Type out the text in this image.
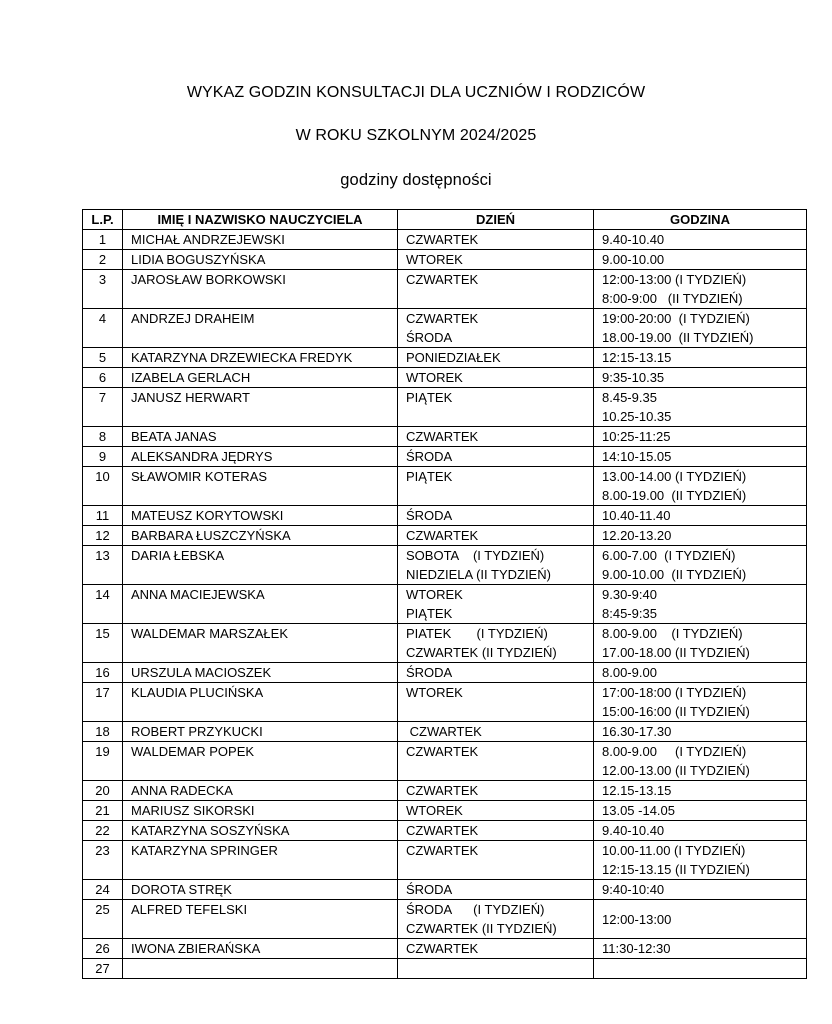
WYKAZ GODZIN KONSULTACJI DLA UCZNIÓW I RODZICÓW
W ROKU SZKOLNYM 2024/2025
godziny dostępności
L.P.	IMIĘ I NAZWISKO NAUCZYCIELA	DZIEŃ	GODZINA
1	MICHAŁ ANDRZEJEWSKI	CZWARTEK	9.40-10.40

2	LIDIA BOGUSZYŃSKA	WTOREK	9.00-10.00

3	JAROSŁAW BORKOWSKI	CZWARTEK	12:00-13:00 (I TYDZIEŃ)
8:00-9:00   (II TYDZIEŃ)

4	ANDRZEJ DRAHEIM	CZWARTEK
ŚRODA	19:00-20:00  (I TYDZIEŃ)
18.00-19.00  (II TYDZIEŃ)

5	KATARZYNA DRZEWIECKA FREDYK	PONIEDZIAŁEK	12:15-13.15

6	IZABELA GERLACH	WTOREK	9:35-10.35

7	JANUSZ HERWART	PIĄTEK	8.45-9.35
10.25-10.35

8	BEATA JANAS	CZWARTEK	10:25-11:25

9	ALEKSANDRA JĘDRYS	ŚRODA	14:10-15.05

10	SŁAWOMIR KOTERAS	PIĄTEK	13.00-14.00 (I TYDZIEŃ)
8.00-19.00  (II TYDZIEŃ)

11	MATEUSZ KORYTOWSKI	ŚRODA	10.40-11.40

12	BARBARA ŁUSZCZYŃSKA	CZWARTEK	12.20-13.20

13	DARIA ŁEBSKA	SOBOTA    (I TYDZIEŃ)
NIEDZIELA (II TYDZIEŃ)	6.00-7.00  (I TYDZIEŃ)
9.00-10.00  (II TYDZIEŃ)

14	ANNA MACIEJEWSKA	WTOREK
PIĄTEK	9.30-9:40
8:45-9:35

15	WALDEMAR MARSZAŁEK	PIATEK       (I TYDZIEŃ)
CZWARTEK (II TYDZIEŃ)	8.00-9.00    (I TYDZIEŃ)
17.00-18.00 (II TYDZIEŃ)

16	URSZULA MACIOSZEK	ŚRODA	8.00-9.00

17	KLAUDIA PLUCIŃSKA	WTOREK	17:00-18:00 (I TYDZIEŃ)
15:00-16:00 (II TYDZIEŃ)

18	ROBERT PRZYKUCKI	CZWARTEK	16.30-17.30

19	WALDEMAR POPEK	CZWARTEK	8.00-9.00     (I TYDZIEŃ)
12.00-13.00 (II TYDZIEŃ)

20	ANNA RADECKA	CZWARTEK	12.15-13.15

21	MARIUSZ SIKORSKI	WTOREK	13.05 -14.05

22	KATARZYNA SOSZYŃSKA	CZWARTEK	9.40-10.40

23	KATARZYNA SPRINGER	CZWARTEK	10.00-11.00 (I TYDZIEŃ)
12:15-13.15 (II TYDZIEŃ)

24	DOROTA STRĘK	ŚRODA	9:40-10:40

25	ALFRED TEFELSKI	ŚRODA      (I TYDZIEŃ)
CZWARTEK (II TYDZIEŃ)	12:00-13:00

26	IWONA ZBIERAŃSKA	CZWARTEK	11:30-12:30

27		
